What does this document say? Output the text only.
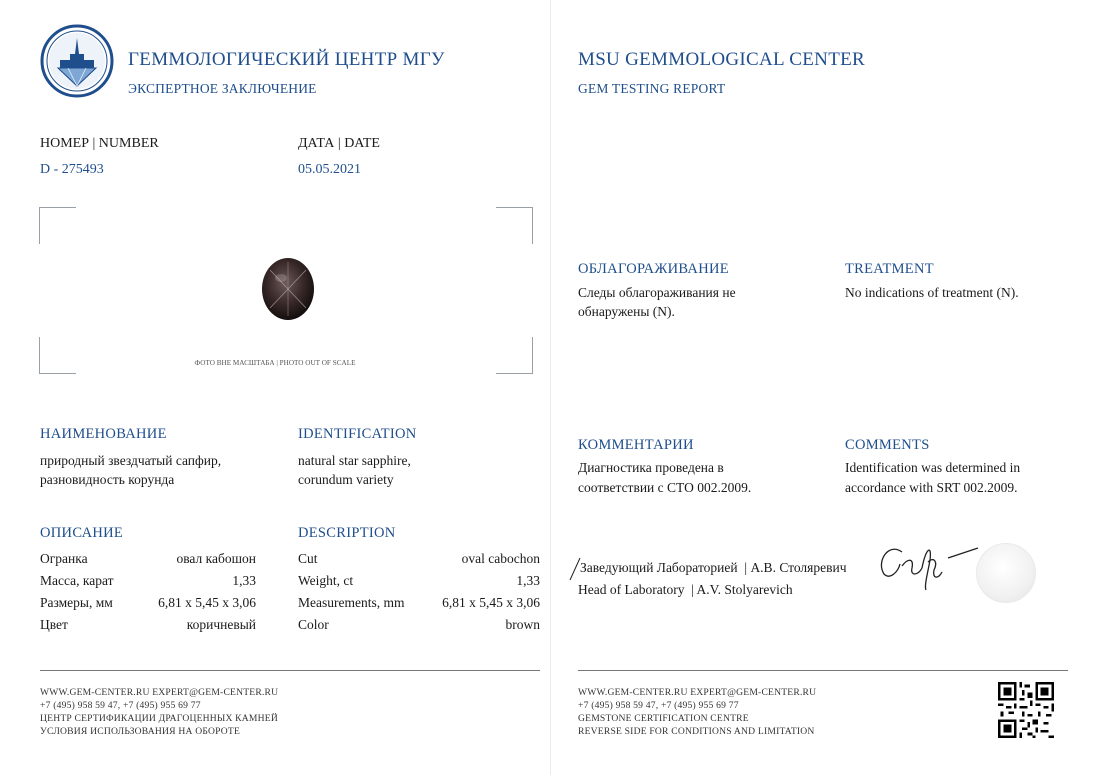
ГЕММОЛОГИЧЕСКИЙ ЦЕНТР МГУ
ЭКСПЕРТНОЕ ЗАКЛЮЧЕНИЕ
MSU GEMMOLOGICAL CENTER
GEM TESTING REPORT
НОМЕР | NUMBER
D - 275493
ДАТА | DATE
05.05.2021
ФОТО ВНЕ МАСШТАБА | PHOTO OUT OF SCALE
НАИМЕНОВАНИЕ
природный звездчатый сапфир,
разновидность корунда
IDENTIFICATION
natural star sapphire,
corundum variety
ОПИСАНИЕ	DESCRIPTION
Огранка	овал кабошон
Масса, карат	1,33
Размеры, мм	6,81 x 5,45 x 3,06
Цвет	коричневый
Cut	oval cabochon
Weight, ct	1,33
Measurements, mm	6,81 x 5,45 x 3,06
Color	brown
ОБЛАГОРАЖИВАНИЕ
Следы облагораживания не
обнаружены (N).
TREATMENT
No indications of treatment (N).
КОММЕНТАРИИ
Диагностика проведена в
соответствии с СТО 002.2009.
COMMENTS
Identification was determined in
accordance with SRT 002.2009.
Заведующий Лабораторией  | А.В. Столяревич
Head of Laboratory  | A.V. Stolyarevich
WWW.GEM-CENTER.RU EXPERT@GEM-CENTER.RU
+7 (495) 958 59 47, +7 (495) 955 69 77
ЦЕНТР СЕРТИФИКАЦИИ ДРАГОЦЕННЫХ КАМНЕЙ
УСЛОВИЯ ИСПОЛЬЗОВАНИЯ НА ОБОРОТЕ
WWW.GEM-CENTER.RU EXPERT@GEM-CENTER.RU
+7 (495) 958 59 47, +7 (495) 955 69 77
GEMSTONE CERTIFICATION CENTRE
REVERSE SIDE FOR CONDITIONS AND LIMITATION
